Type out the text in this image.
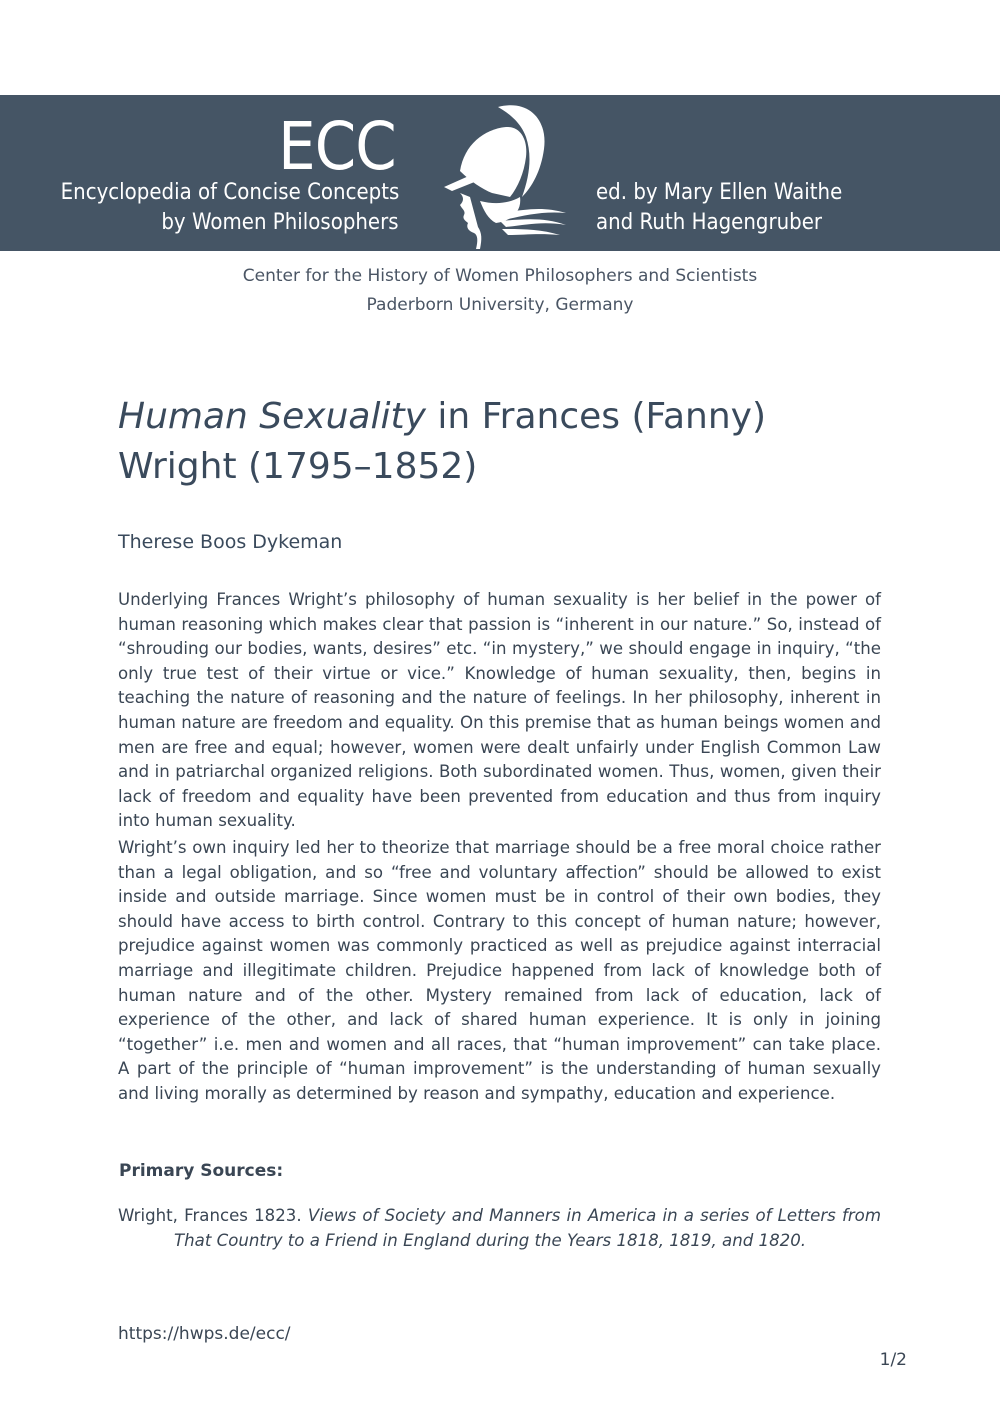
ECC
Encyclopedia of Concise Concepts
by Women Philosophers
ed. by Mary Ellen Waithe
and Ruth Hagengruber
Center for the History of Women Philosophers and Scientists
Paderborn University, Germany
Human Sexuality in Frances (Fanny) Wright (1795–1852)
Therese Boos Dykeman

Underlying Frances Wright’s philosophy of human sexuality is her belief in the power of human reasoning which makes clear that passion is “inherent in our nature.” So, instead of “shrouding our bodies, wants, desires” etc. “in mystery,” we should engage in inquiry, “the only true test of their virtue or vice.” Knowledge of human sexuality, then, begins in teaching the nature of reasoning and the nature of feelings. In her philosophy, inherent in human nature are freedom and equality. On this premise that as human beings women and men are free and equal; however, women were dealt unfairly under English Common Law and in patriarchal organized religions. Both subordinated women. Thus, women, given their lack of freedom and equality have been prevented from education and thus from inquiry into human sexuality.

Wright’s own inquiry led her to theorize that marriage should be a free moral choice rather than a legal obligation, and so “free and voluntary affection” should be allowed to exist inside and outside marriage. Since women must be in control of their own bodies, they should have access to birth control. Contrary to this concept of human nature; however, prejudice against women was commonly practiced as well as prejudice against interracial marriage and illegitimate children. Prejudice happened from lack of knowledge both of human nature and of the other. Mystery remained from lack of education, lack of experience of the other, and lack of shared human experience. It is only in joining “together” i.e. men and women and all races, that “human improvement” can take place. A part of the principle of “human improvement” is the understanding of human sexually and living morally as determined by reason and sympathy, education and experience.

Primary Sources:
Wright, Frances 1823. Views of Society and Manners in America in a series of Letters from That Country to a Friend in England during the Years 1818, 1819, and 1820.
https://hwps.de/ecc/
1/2
